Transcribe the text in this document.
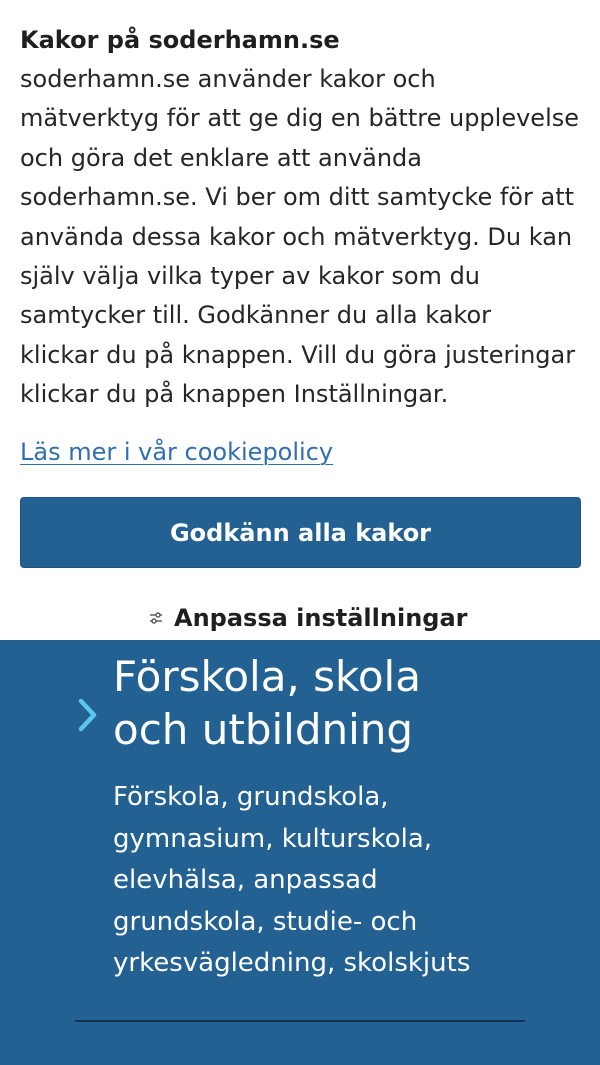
Kakor på soderhamn.se

soderhamn.se använder kakor och
mätverktyg för att ge dig en bättre upplevelse
och göra det enklare att använda
soderhamn.se. Vi ber om ditt samtycke för att
använda dessa kakor och mätverktyg. Du kan
själv välja vilka typer av kakor som du
samtycker till. Godkänner du alla kakor
klickar du på knappen. Vill du göra justeringar
klickar du på knappen Inställningar.

Läs mer i vår cookiepolicy
Godkänn alla kakor
Anpassa inställningar
Förskola, skola
och utbildning

Förskola, grundskola,
gymnasium, kulturskola,
elevhälsa, anpassad
grundskola, studie- och
yrkesvägledning, skolskjuts
